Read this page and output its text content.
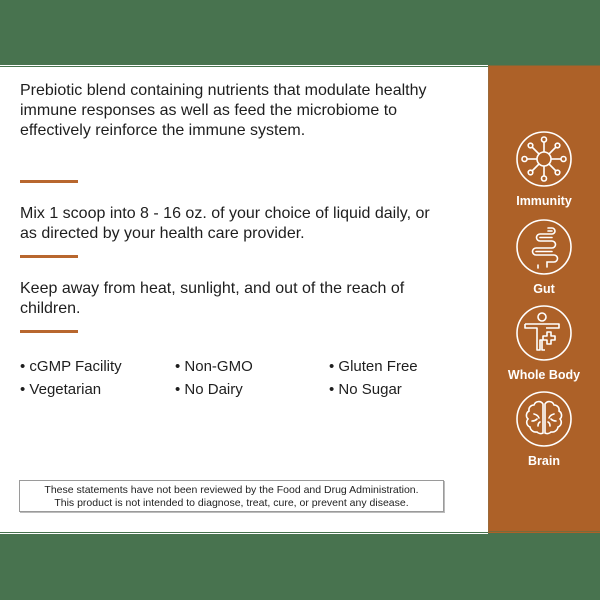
Prebiotic blend containing nutrients that modulate healthy immune responses as well as feed the microbiome to effectively reinforce the immune system.

Mix 1 scoop into 8 - 16 oz. of your choice of liquid daily, or as directed by your health care provider.

Keep away from heat, sunlight, and out of the reach of children.

These statements have not been reviewed by the Food and Drug Administration.
This product is not intended to diagnose, treat, cure, or prevent any disease.
• cGMP Facility	• Non-GMO	• Gluten Free
• Vegetarian	• No Dairy	• No Sugar
Immunity
Gut
Whole Body
Brain
